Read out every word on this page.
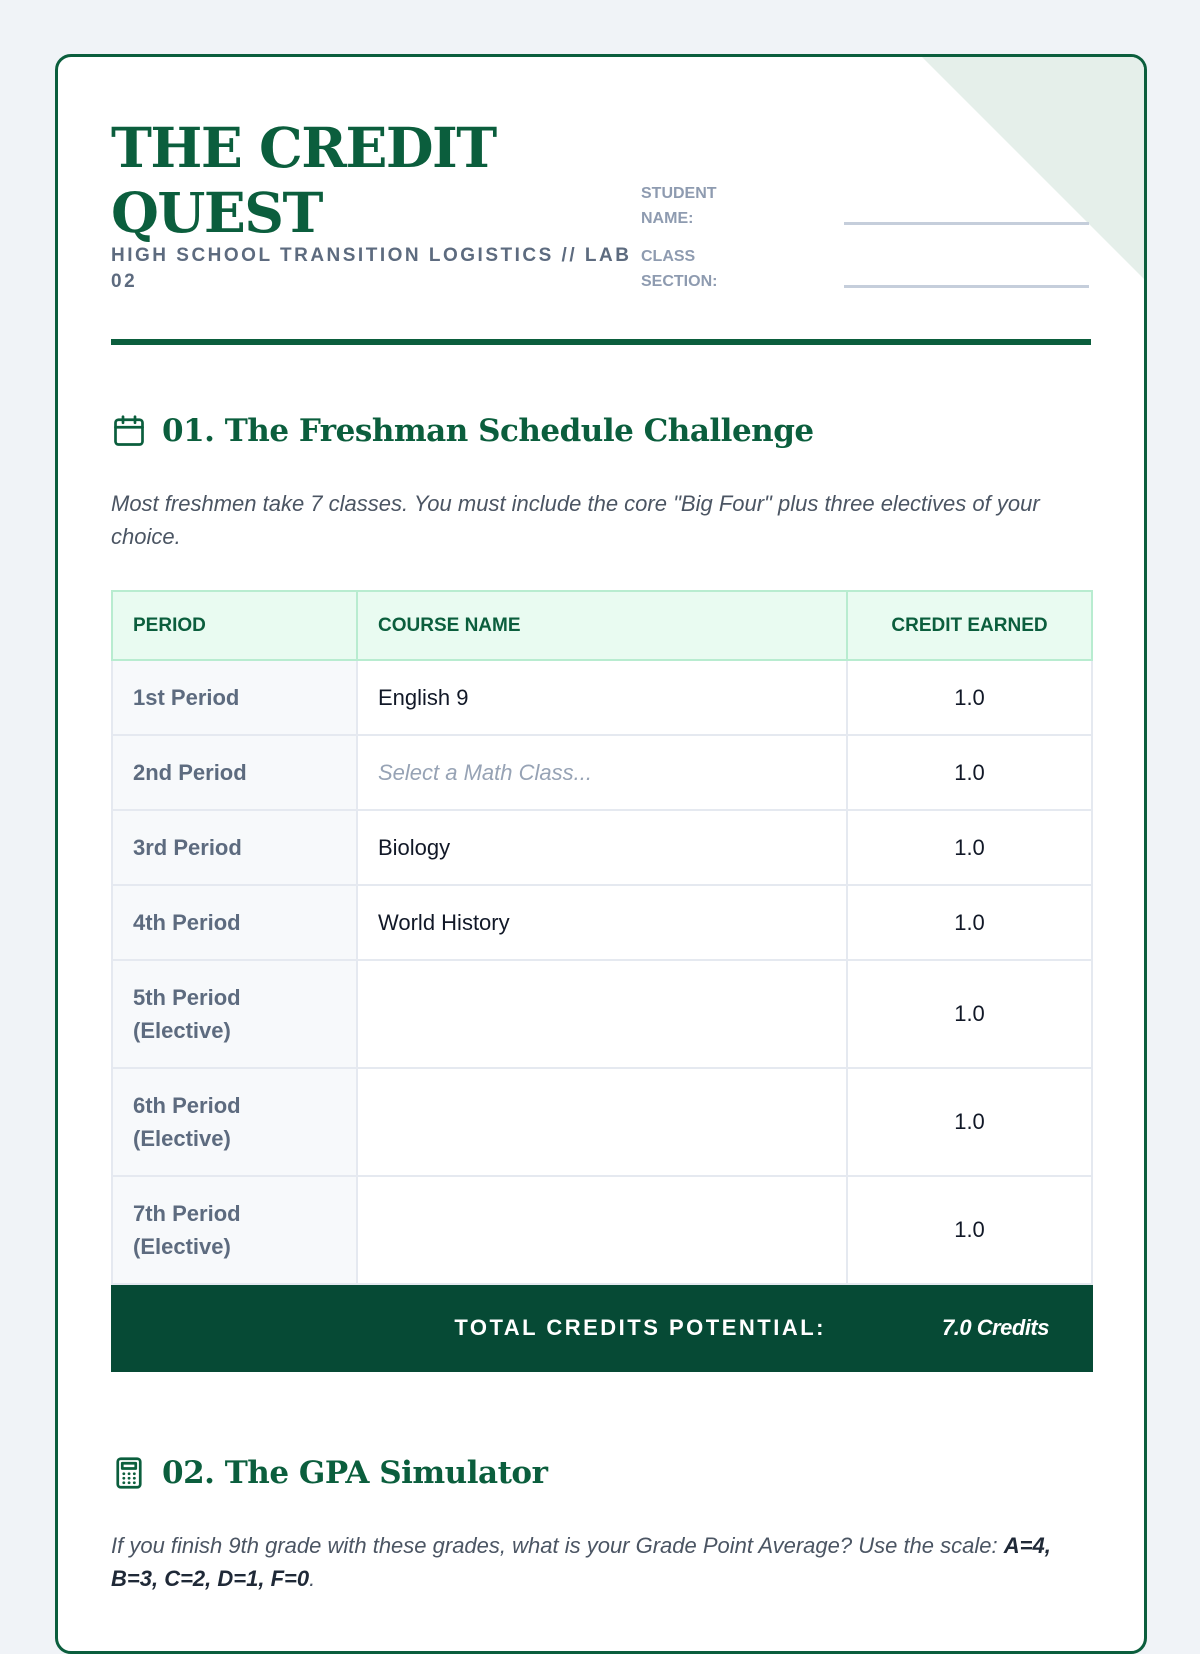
THE CREDIT QUEST
HIGH SCHOOL TRANSITION LOGISTICS // LAB 02
STUDENT NAME:
CLASS SECTION:
01. The Freshman Schedule Challenge

Most freshmen take 7 classes. You must include the core "Big Four" plus three electives of your choice.

PERIOD	COURSE NAME	CREDIT EARNED
1st Period	English 9	1.0
2nd Period	Select a Math Class...	1.0
3rd Period	Biology	1.0
4th Period	World History	1.0
5th Period (Elective)		1.0
6th Period (Elective)		1.0
7th Period (Elective)		1.0
TOTAL CREDITS POTENTIAL:		7.0 Credits
02. The GPA Simulator

If you finish 9th grade with these grades, what is your Grade Point Average? Use the scale: A=4, B=3, C=2, D=1, F=0.
